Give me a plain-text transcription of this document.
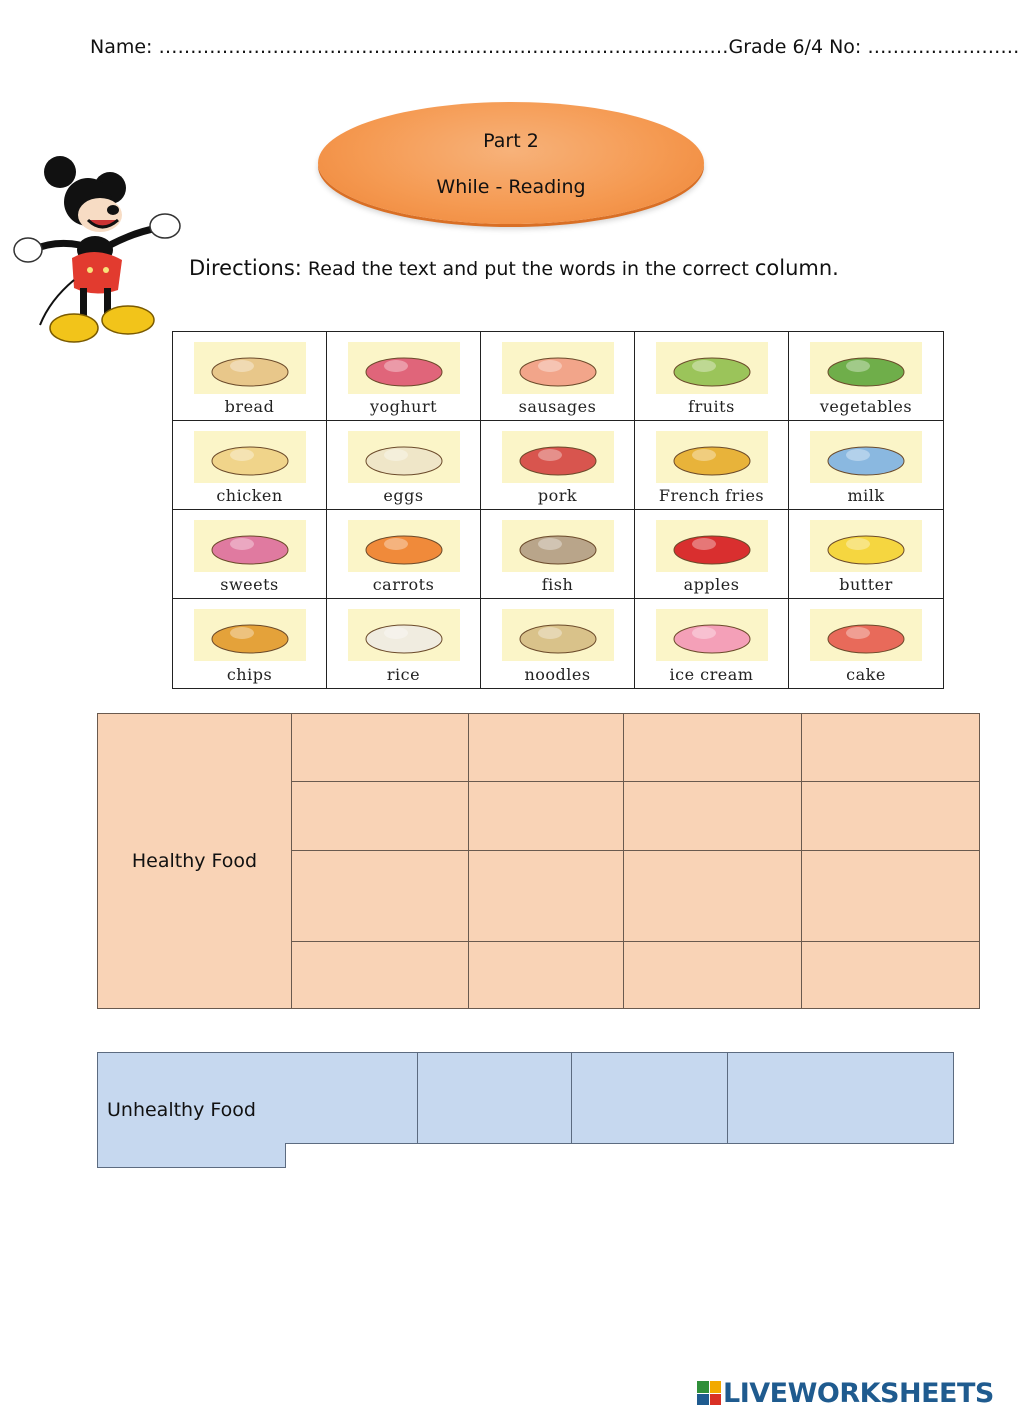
Name: ………………………………………………………………………………Grade 6/4 No: ……………………
Part 2
While - Reading
Directions: Read the text and put the words in the correct column.
bread	yoghurt	sausages	fruits	vegetables
chicken	eggs	pork	French fries	milk
sweets	carrots	fish	apples	butter
chips	rice	noodles	ice cream	cake
Healthy Food
Unhealthy Food
LIVEWORKSHEETS
